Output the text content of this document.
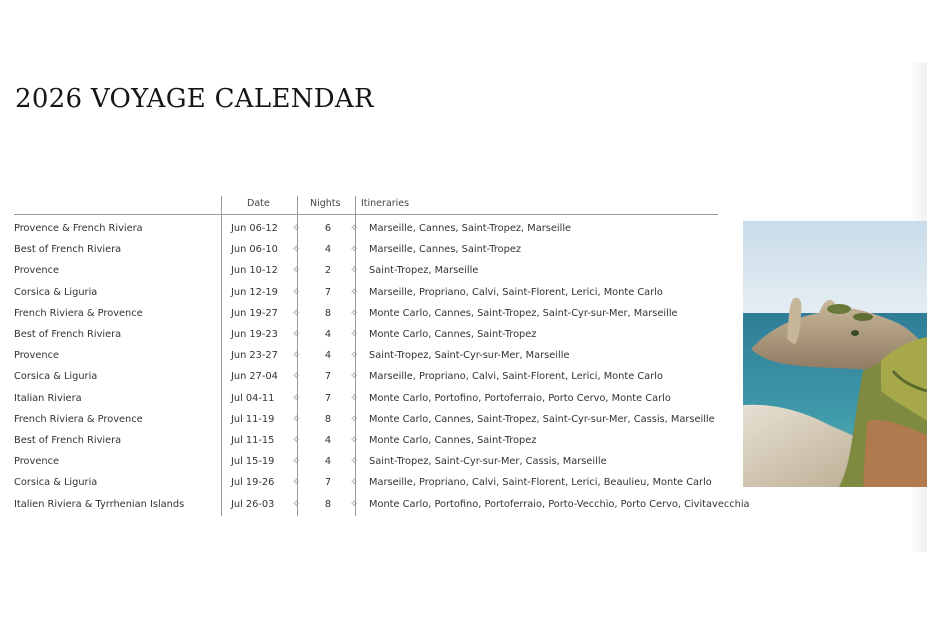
2026 VOYAGE CALENDAR
Date	Nights Itineraries
Provence & French Riviera	Jun 06-12 ✧ 6 ✧ Marseille, Cannes, Saint-Tropez, Marseille
Best of French Riviera	Jun 06-10 ✧ 4 ✧ Marseille, Cannes, Saint-Tropez
Provence	Jun 10-12 ✧ 2 ✧ Saint-Tropez, Marseille
Corsica & Liguria	Jun 12-19 ✧ 7 ✧ Marseille, Propriano, Calvi, Saint-Florent, Lerici, Monte Carlo
French Riviera & Provence	Jun 19-27 ✧ 8 ✧ Monte Carlo, Cannes, Saint-Tropez, Saint-Cyr-sur-Mer, Marseille
Best of French Riviera	Jun 19-23 ✧ 4 ✧ Monte Carlo, Cannes, Saint-Tropez
Provence	Jun 23-27 ✧ 4 ✧ Saint-Tropez, Saint-Cyr-sur-Mer, Marseille
Corsica & Liguria	Jun 27-04 ✧ 7 ✧ Marseille, Propriano, Calvi, Saint-Florent, Lerici, Monte Carlo
Italian Riviera	Jul 04-11 ✧ 7 ✧ Monte Carlo, Portofino, Portoferraio, Porto Cervo, Monte Carlo
French Riviera & Provence	Jul 11-19 ✧ 8 ✧ Monte Carlo, Cannes, Saint-Tropez, Saint-Cyr-sur-Mer, Cassis, Marseille
Best of French Riviera	Jul 11-15 ✧ 4 ✧ Monte Carlo, Cannes, Saint-Tropez
Provence	Jul 15-19 ✧ 4 ✧ Saint-Tropez, Saint-Cyr-sur-Mer, Cassis, Marseille
Corsica & Liguria	Jul 19-26 ✧ 7 ✧ Marseille, Propriano, Calvi, Saint-Florent, Lerici, Beaulieu, Monte Carlo
Italien Riviera & Tyrrhenian Islands	Jul 26-03 ✧ 8 ✧ Monte Carlo, Portofino, Portoferraio, Porto-Vecchio, Porto Cervo, Civitavecchia
